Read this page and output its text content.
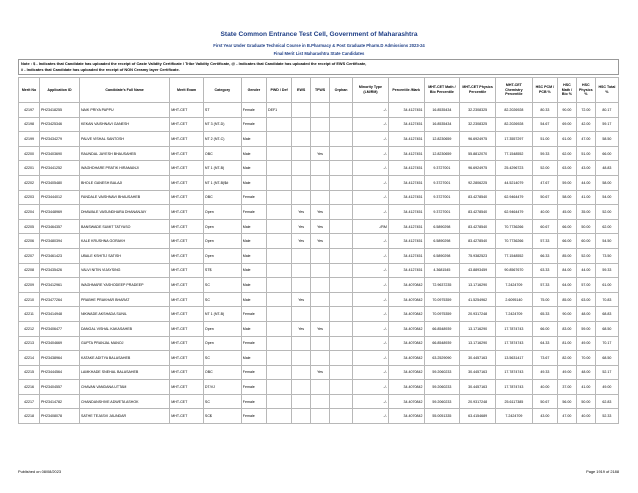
State Common Entrance Test Cell, Government of Maharashtra
First Year Under Graduate Technical Course in B.Pharmacy & Post Graduate Pharm.D Admissions 2023-24
Final Merit List Maharashtra State Candidates
Note : $ - Indicates that Candidate has uploaded the receipt of Caste Validity Certificate / Tribe Validity Certificate, @ - Indicates that Candidate has uploaded the receipt of EWS Certificate,
# - Indicates that Candidate has uploaded the receipt of NON Creamy layer Certificate.
Merit No	Application ID	Candidate's Full Name	Merit Exam	Category	Gender	PWD / Def	EWS	TFWS	Orphan	Minority Type (LM/RM)	Percentile /Mark	MHT-CET Math / Bio Percentile	MHT-CET Physics Percentile	MHT-CET Chemistry Percentile	HSC PCM / PCB %	HSC Math / Bio %	HSC Physics %	HSC Total %
42197	PH23418255	NAIK PRIYA PAPPU	MHT-CET	ST	Female	DEF1				-/-	34.4127451	16.8535434	32.2308325	82.2026928	80.33	90.00	72.00	80.17
42198	PH23425346	KEKAN VAISHNAVI GANESH	MHT-CET	NT 3 (NT-D)	Female					-/-	34.4127451	16.8535434	32.2308325	82.2026928	54.67	69.00	42.00	59.17
42199	PH23434279	PALVE VISHAL SANTOSH	MHT-CET	NT 2 (NT-C)	Male					-/-	34.4127451	12.8230659	96.6924975	17.3557297	51.00	61.00	47.00	58.50
42200	PH23403690	RAUNDAL JAYESH BHAUSAHEB	MHT-CET	OBC	Male			Yes		-/-	34.4127451	12.8230659	55.8812070	77.1548552	59.33	62.00	51.00	66.00
42201	PH23441252	WAGHDHARE PRATIK HIRAMANJI	MHT-CET	NT 1 (NT-B)	Male					-/-	34.4127451	9.3727001	96.6924975	25.4296723	52.00	63.00	43.00	48.83
42202	PH23405480	BHOLE GANESH BALAJI	MHT-CET	NT 1 (NT-B)$#	Male					-/-	34.4127451	9.3727001	92.2806225	44.5214079	47.67	59.00	44.00	58.00
42203	PH23444012	FANDALE VAISHNAVI BHAUSAHEB	MHT-CET	OBC	Female					-/-	34.4127451	9.3727001	83.4278540	62.9464479	50.67	58.00	41.00	54.00
42204	PH23448969	DHAWALE VASUNDHARA DHANANJAY	MHT-CET	Open	Female		Yes	Yes		-/-	34.4127451	9.3727001	83.4278540	62.9464479	40.00	45.00	35.00	52.00
42205	PH23464357	BANSWADE SUMIT TATYASO	MHT-CET	Open	Male		Yes	Yes		-/RM	34.4127451	6.5890298	83.4278540	70.7736266	60.67	66.00	50.00	62.00
42206	PH23480394	KALE KRUSHNA GORAKH	MHT-CET	Open	Male		Yes	Yes		-/-	34.4127451	6.5890298	83.4278540	70.7736266	57.33	66.00	60.00	54.50
42207	PH23461423	UBALE KSHITIJ SATISH	MHT-CET	Open	Male					-/-	34.4127451	6.5890298	75.9382523	77.1548552	66.33	85.00	52.00	73.50
42208	PH23435426	VALVI NITIN VIJAYSING	MHT-CET	ST$	Male					-/-	34.4127451	4.3681545	43.8893459	90.8567670	63.33	84.00	44.00	59.33
42209	PH23412961	WAGHMARE YASHODEEP PRADEEP	MHT-CET	SC	Male					-/-	34.4070842	72.9637235	13.1716290	7.2424709	57.33	64.00	57.00	61.00
42210	PH23477264	PRABHE PRAKHAR BHARAT	MHT-CET	SC	Male		Yes			-/-	34.4070842	70.0975359	41.5254962	2.6095140	75.00	85.00	63.00	70.83
42211	PH23414948	NIKWADE AKSHADA SUNIL	MHT-CET	NT 1 (NT-B)	Female					-/-	34.4070842	70.0975359	20.9317248	7.2424709	65.33	90.00	48.00	68.83
42212	PH23406477	DANGAL VISHAL KAKASAHEB	MHT-CET	Open	Male		Yes	Yes		-/-	34.4070842	66.8548939	13.1716290	17.7874743	66.00	83.00	59.00	68.50
42213	PH23404669	GUPTA PRANJAL MANOJ	MHT-CET	Open	Female					-/-	34.4070842	66.8548939	13.1716290	17.7874743	64.33	81.00	49.00	70.17
42214	PH23438964	KATAKE ADITYA BALASAHEB	MHT-CET	SC	Male					-/-	34.4070842	63.2529090	30.4457163	13.5631417	73.67	82.00	70.00	68.50
42215	PH23444564	LAMKHADE SNEHAL BALASAHEB	MHT-CET	OBC	Female			Yes		-/-	34.4070842	59.2060233	30.4457163	17.7874743	49.33	49.00	48.00	52.17
42216	PH23404557	CHAVAN VANDANA UTTAM	MHT-CET	DT/VJ	Female					-/-	34.4070842	59.2060233	30.4457163	17.7874743	40.00	37.00	41.00	49.00
42217	PH23414782	CHANDANSHIVE ADWETA ASHOK	MHT-CET	SC	Female					-/-	34.4070842	59.2060233	20.9317248	25.6117385	50.67	56.00	50.00	62.83
42218	PH23408078	SATHE TEJASVI JAUNDAR	MHT-CET	SC$	Female					-/-	34.4070842	55.0051335	63.4154689	7.2424709	43.00	47.00	40.00	52.33
Published on 08/08/2023	Page 1919 of 2188
